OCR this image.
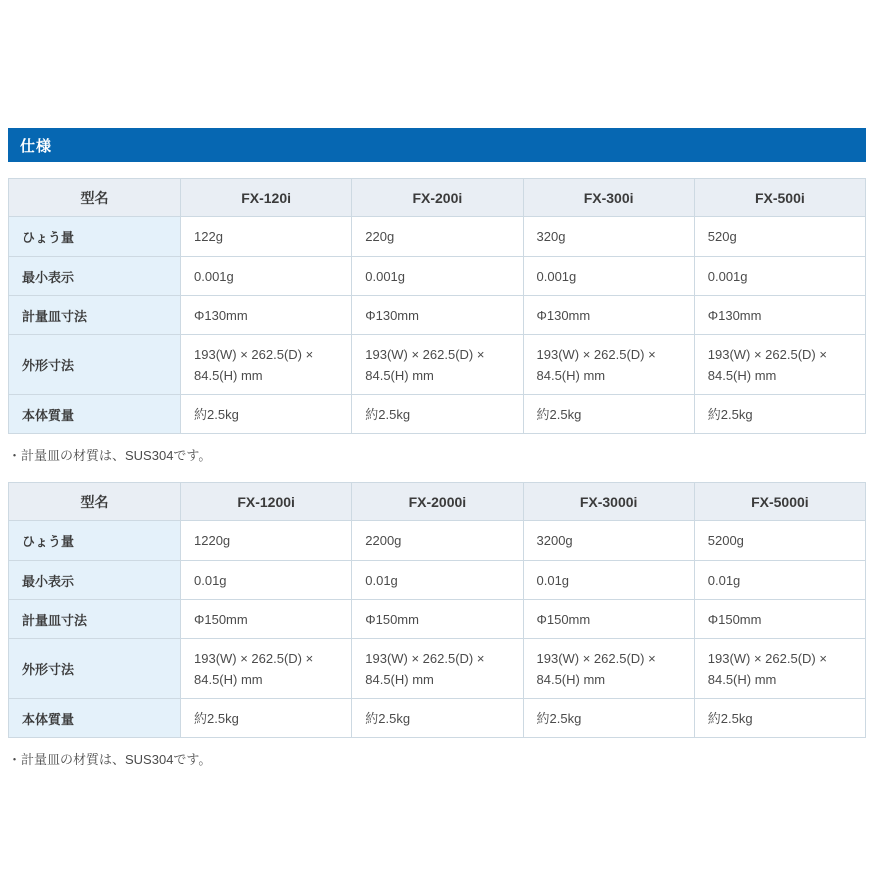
仕様
型名	FX-120i	FX-200i	FX-300i	FX-500i
ひょう量	122g	220g	320g	520g
最小表示	0.001g	0.001g	0.001g	0.001g
計量皿寸法	Φ130mm	Φ130mm	Φ130mm	Φ130mm
外形寸法	193(W) × 262.5(D) × 84.5(H) mm	193(W) × 262.5(D) × 84.5(H) mm	193(W) × 262.5(D) × 84.5(H) mm	193(W) × 262.5(D) × 84.5(H) mm
本体質量	約2.5kg	約2.5kg	約2.5kg	約2.5kg
・計量皿の材質は、SUS304です。
型名	FX-1200i	FX-2000i	FX-3000i	FX-5000i
ひょう量	1220g	2200g	3200g	5200g
最小表示	0.01g	0.01g	0.01g	0.01g
計量皿寸法	Φ150mm	Φ150mm	Φ150mm	Φ150mm
外形寸法	193(W) × 262.5(D) × 84.5(H) mm	193(W) × 262.5(D) × 84.5(H) mm	193(W) × 262.5(D) × 84.5(H) mm	193(W) × 262.5(D) × 84.5(H) mm
本体質量	約2.5kg	約2.5kg	約2.5kg	約2.5kg
・計量皿の材質は、SUS304です。
